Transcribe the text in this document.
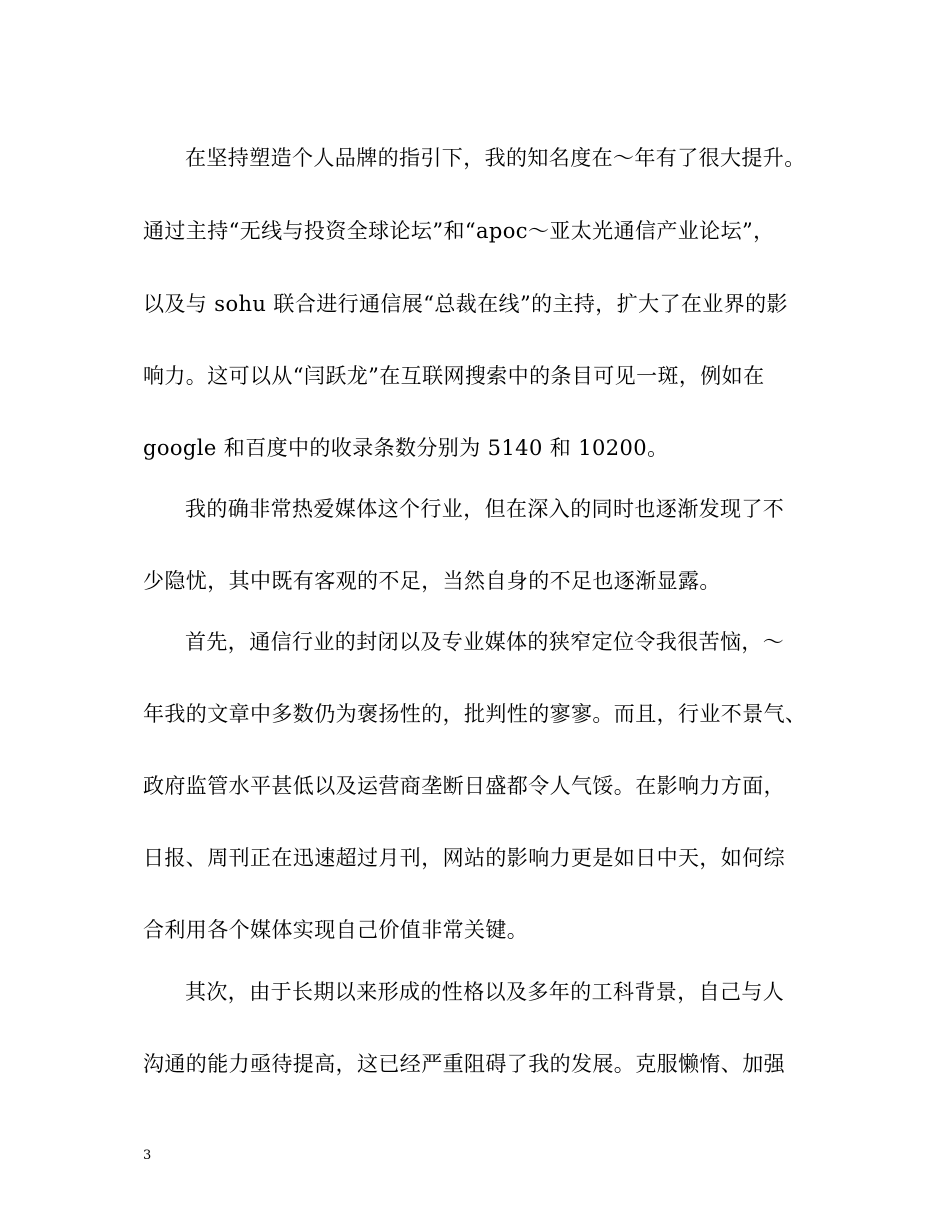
在坚持塑造个人品牌的指引下，我的知名度在～年有了很大提升。
通过主持“无线与投资全球论坛”和“apoc～亚太光通信产业论坛”，
以及与 sohu 联合进行通信展“总裁在线”的主持，扩大了在业界的影
响力。这可以从“闫跃龙”在互联网搜索中的条目可见一斑，例如在
google 和百度中的收录条数分别为 5140 和 10200。
我的确非常热爱媒体这个行业，但在深入的同时也逐渐发现了不
少隐忧，其中既有客观的不足，当然自身的不足也逐渐显露。
首先，通信行业的封闭以及专业媒体的狭窄定位令我很苦恼，～
年我的文章中多数仍为褒扬性的，批判性的寥寥。而且，行业不景气、
政府监管水平甚低以及运营商垄断日盛都令人气馁。在影响力方面，
日报、周刊正在迅速超过月刊，网站的影响力更是如日中天，如何综
合利用各个媒体实现自己价值非常关键。
其次，由于长期以来形成的性格以及多年的工科背景，自己与人
沟通的能力亟待提高，这已经严重阻碍了我的发展。克服懒惰、加强
3
